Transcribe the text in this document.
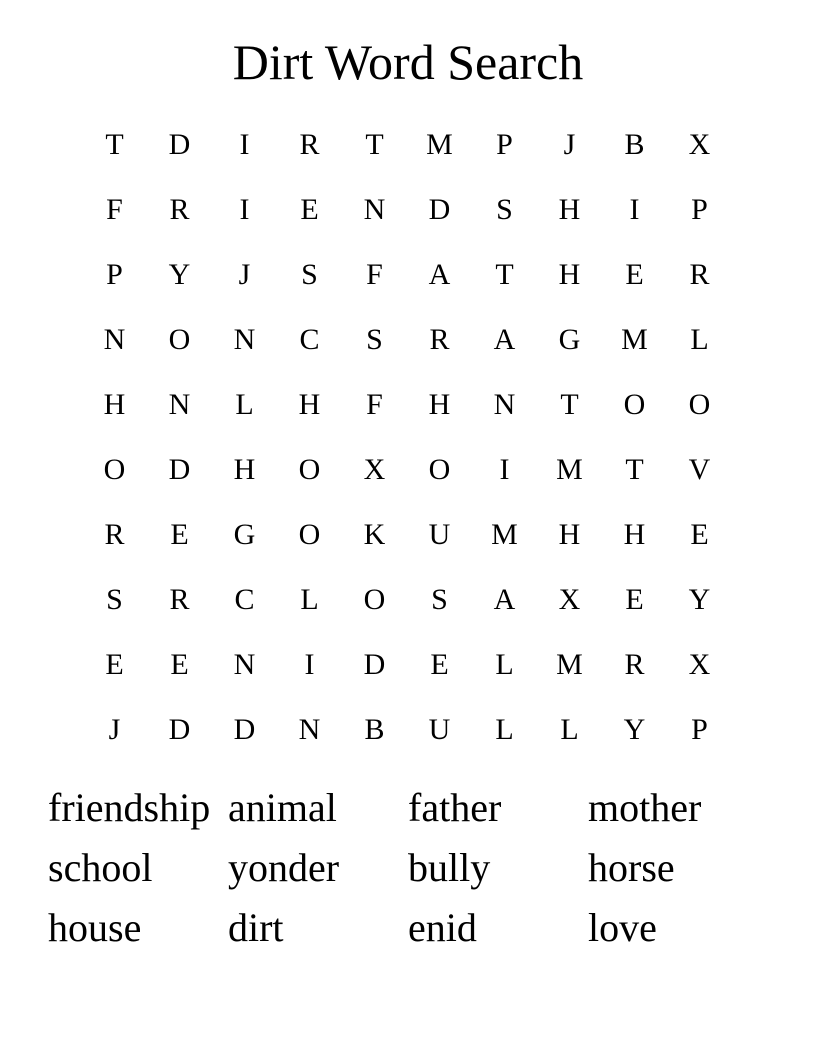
Dirt Word Search
T	D	I	R	T	M	P	J	B	X
F	R	I	E	N	D	S	H	I	P
P	Y	J	S	F	A	T	H	E	R
N	O	N	C	S	R	A	G	M	L
H	N	L	H	F	H	N	T	O	O
O	D	H	O	X	O	I	M	T	V
R	E	G	O	K	U	M	H	H	E
S	R	C	L	O	S	A	X	E	Y
E	E	N	I	D	E	L	M	R	X
J	D	D	N	B	U	L	L	Y	P
friendship animal	father	mother
school	yonder	bully	horse
house	dirt	enid	love
